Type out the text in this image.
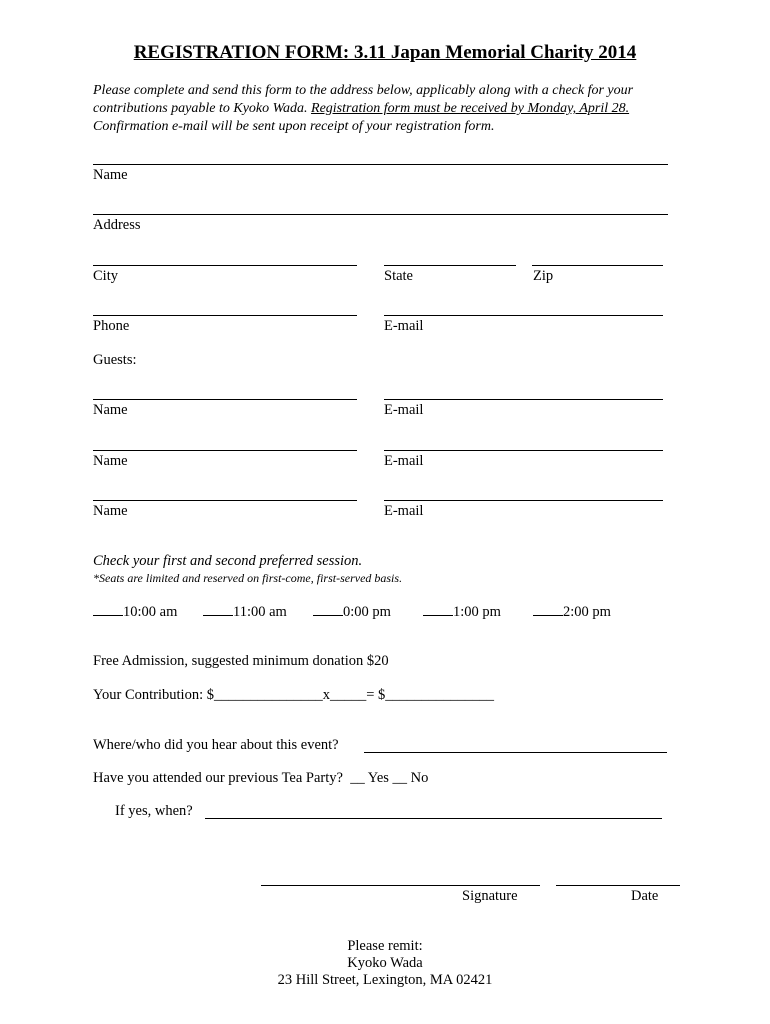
REGISTRATION FORM: 3.11 Japan Memorial Charity 2014
Please complete and send this form to the address below, applicably along with a check for your contributions payable to Kyoko Wada. Registration form must be received by Monday, April 28. Confirmation e-mail will be sent upon receipt of your registration form.
Name
Address
City	State	Zip
Phone	E-mail
Guests:
Name	E-mail
Name	E-mail
Name	E-mail
Check your first and second preferred session.
*Seats are limited and reserved on first-come, first-served basis.
10:00 am	11:00 am	0:00 pm	1:00 pm	2:00 pm
Free Admission, suggested minimum donation $20
Your Contribution: $_______________x_____= $_______________
Where/who did you hear about this event?
Have you attended our previous Tea Party?  __ Yes __ No
If yes, when?
Signature	Date
Please remit:
Kyoko Wada
23 Hill Street, Lexington, MA 02421
